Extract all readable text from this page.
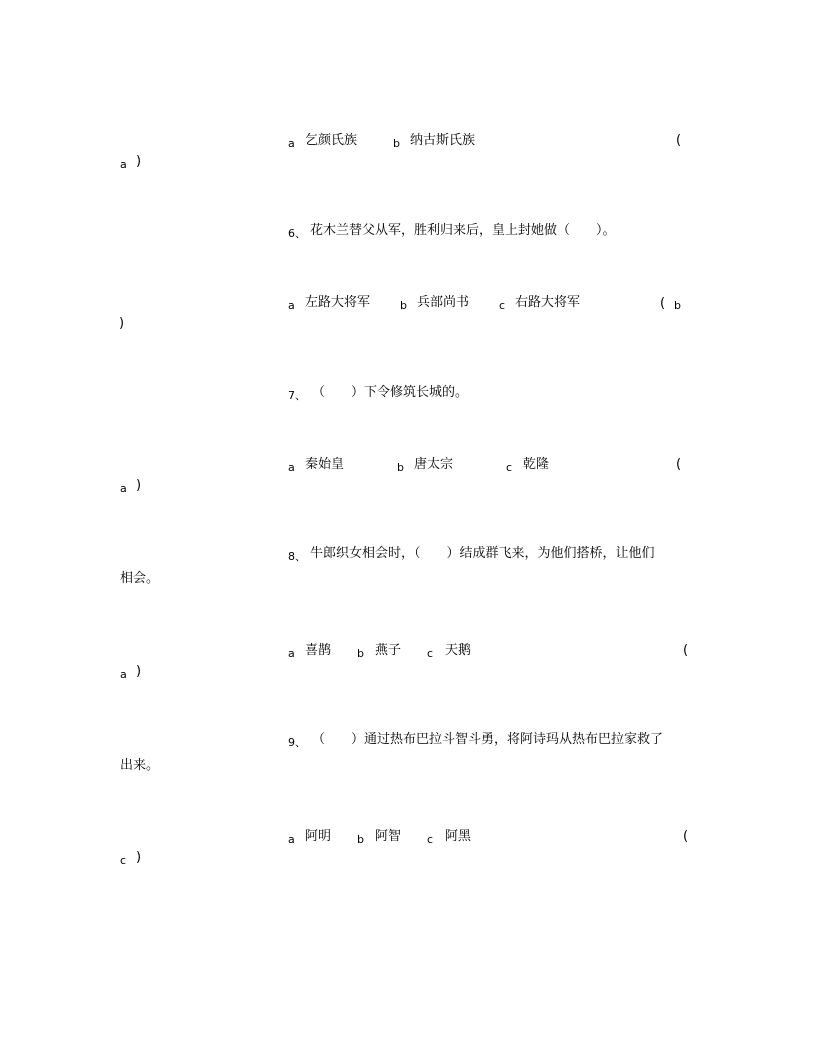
a 乞颜氏族	b 纳古斯氏族	(
a )
6、 花木兰替父从军，胜利归来后，皇上封她做（　　）。
a 左路大将军	b 兵部尚书	c 右路大将军	( b
)
7、 （　　）下令修筑长城的。
a 秦始皇	b 唐太宗	c 乾隆	(
a )
8、 牛郎织女相会时，（　　）结成群飞来，为他们搭桥，让他们
相会。
a 喜鹊 b 燕子 c 天鹅	(
a )
9、 （　　）通过热布巴拉斗智斗勇，将阿诗玛从热布巴拉家救了
出来。
a 阿明 b 阿智 c 阿黑	(
c )
